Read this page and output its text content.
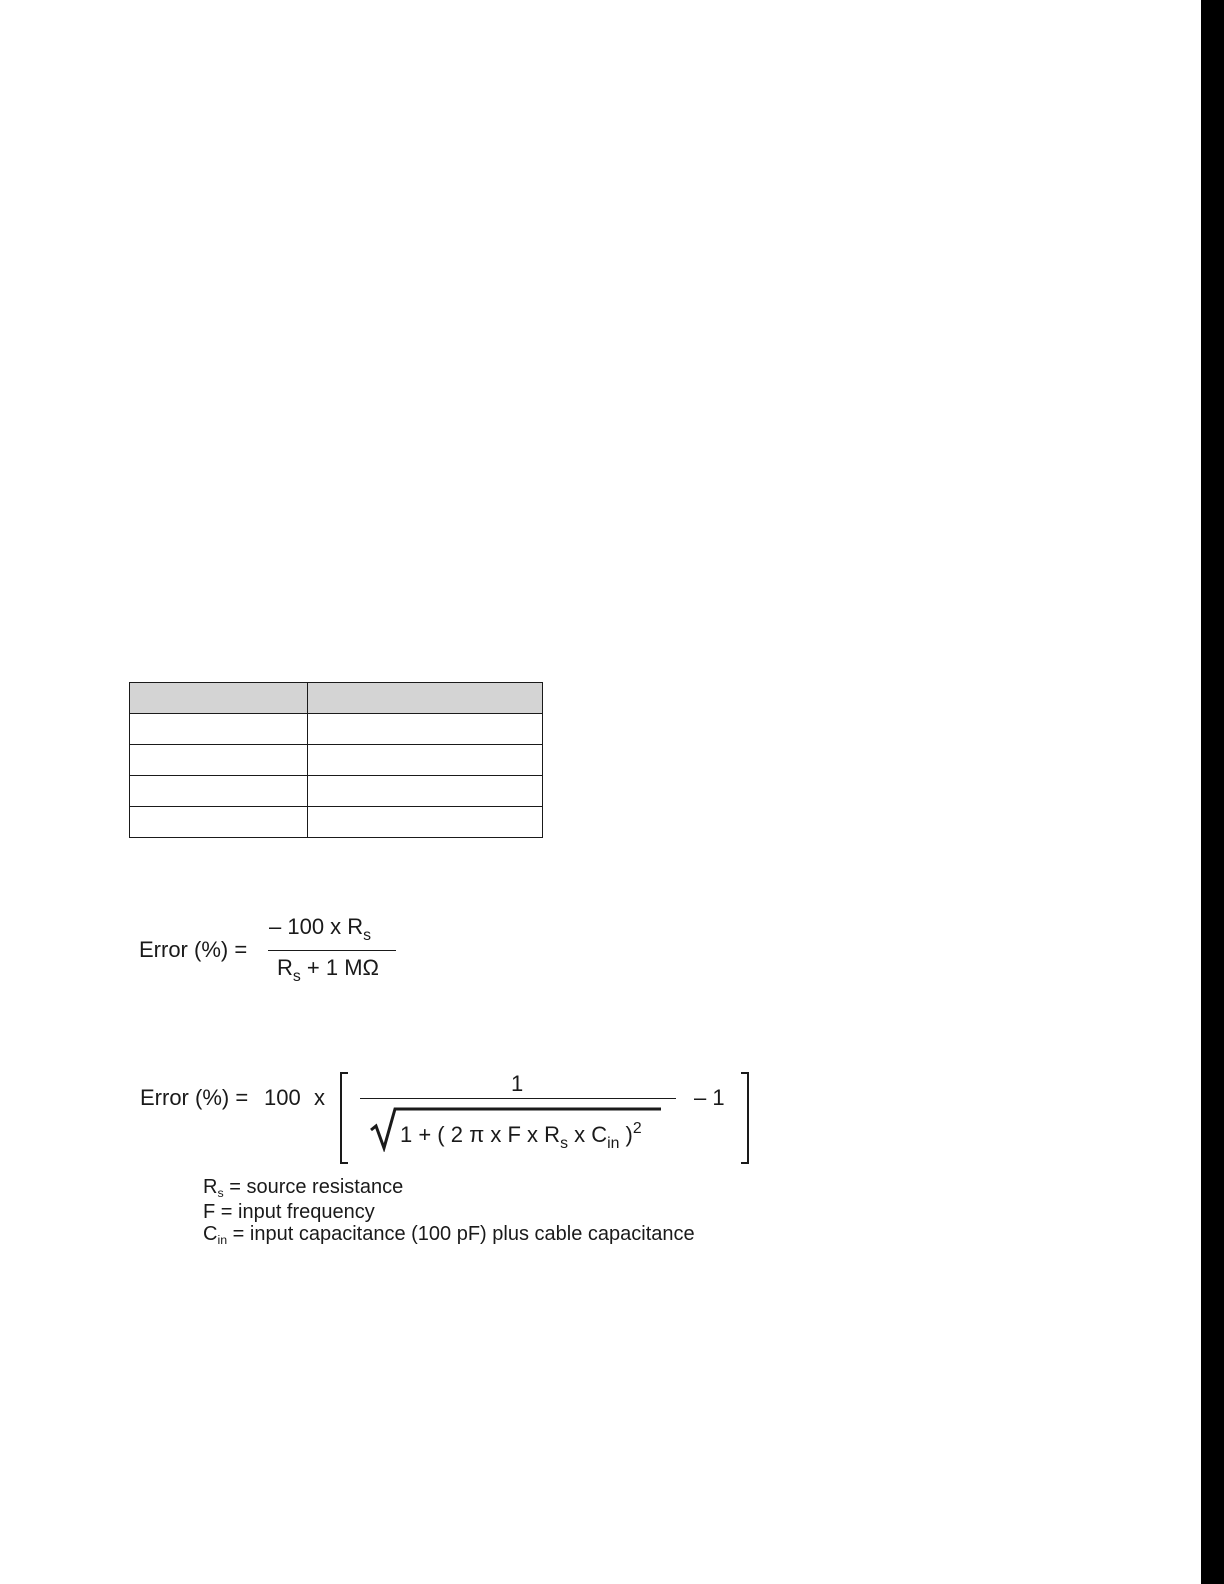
Error (%) =
– 100 x $R_s$
$R_s + 1$ MΩ
Error (%) = 100 x
1
1 + ( 2 π x F x $R_s$ x $C_{in}$ )$^2$
– 1
Rs = source resistance
F = input frequency
Cin = input capacitance (100 pF) plus cable capacitance
